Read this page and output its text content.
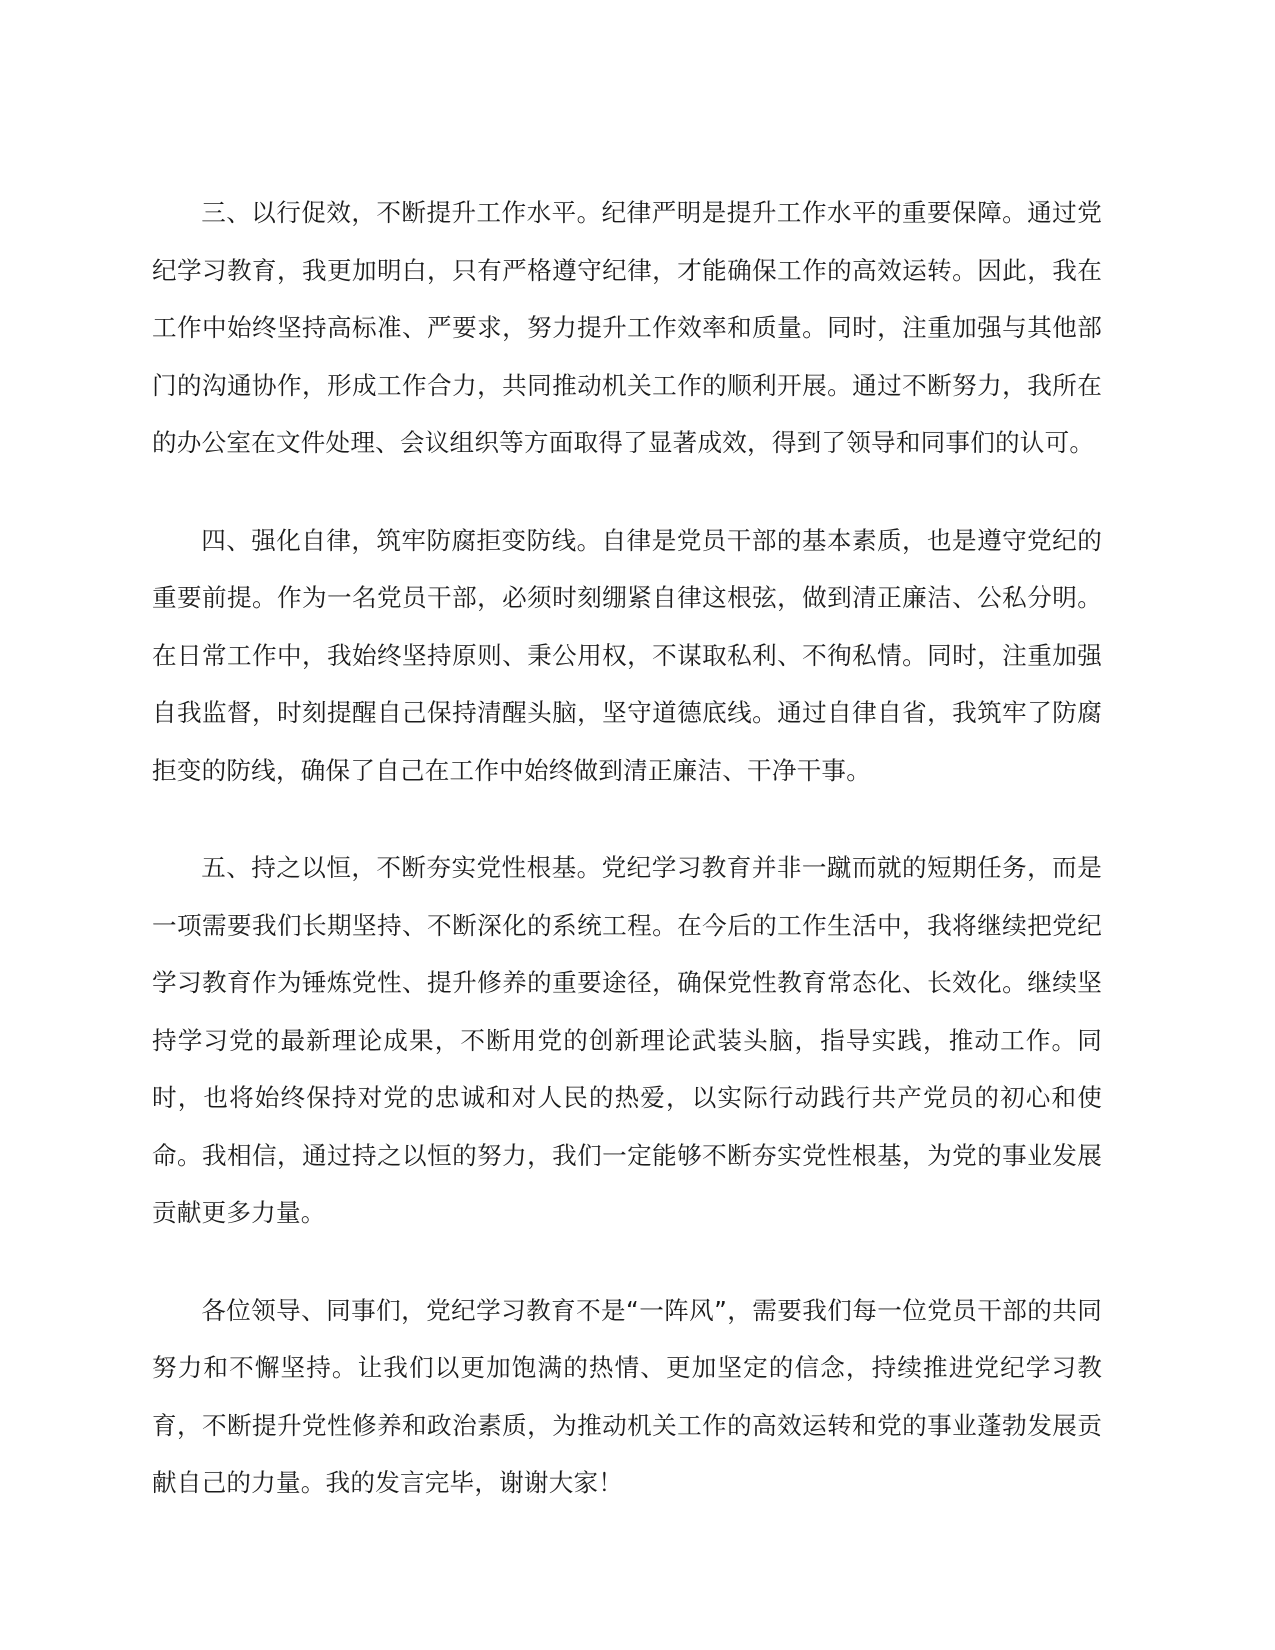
三、以行促效，不断提升工作水平。纪律严明是提升工作水平的重要保障。通过党纪学习教育，我更加明白，只有严格遵守纪律，才能确保工作的高效运转。因此，我在工作中始终坚持高标准、严要求，努力提升工作效率和质量。同时，注重加强与其他部门的沟通协作，形成工作合力，共同推动机关工作的顺利开展。通过不断努力，我所在的办公室在文件处理、会议组织等方面取得了显著成效，得到了领导和同事们的认可。

四、强化自律，筑牢防腐拒变防线。自律是党员干部的基本素质，也是遵守党纪的重要前提。作为一名党员干部，必须时刻绷紧自律这根弦，做到清正廉洁、公私分明。在日常工作中，我始终坚持原则、秉公用权，不谋取私利、不徇私情。同时，注重加强自我监督，时刻提醒自己保持清醒头脑，坚守道德底线。通过自律自省，我筑牢了防腐拒变的防线，确保了自己在工作中始终做到清正廉洁、干净干事。

五、持之以恒，不断夯实党性根基。党纪学习教育并非一蹴而就的短期任务，而是一项需要我们长期坚持、不断深化的系统工程。在今后的工作生活中，我将继续把党纪学习教育作为锤炼党性、提升修养的重要途径，确保党性教育常态化、长效化。继续坚持学习党的最新理论成果，不断用党的创新理论武装头脑，指导实践，推动工作。同时，也将始终保持对党的忠诚和对人民的热爱，以实际行动践行共产党员的初心和使命。我相信，通过持之以恒的努力，我们一定能够不断夯实党性根基，为党的事业发展贡献更多力量。

各位领导、同事们，党纪学习教育不是“一阵风”，需要我们每一位党员干部的共同努力和不懈坚持。让我们以更加饱满的热情、更加坚定的信念，持续推进党纪学习教育，不断提升党性修养和政治素质，为推动机关工作的高效运转和党的事业蓬勃发展贡献自己的力量。我的发言完毕，谢谢大家！
